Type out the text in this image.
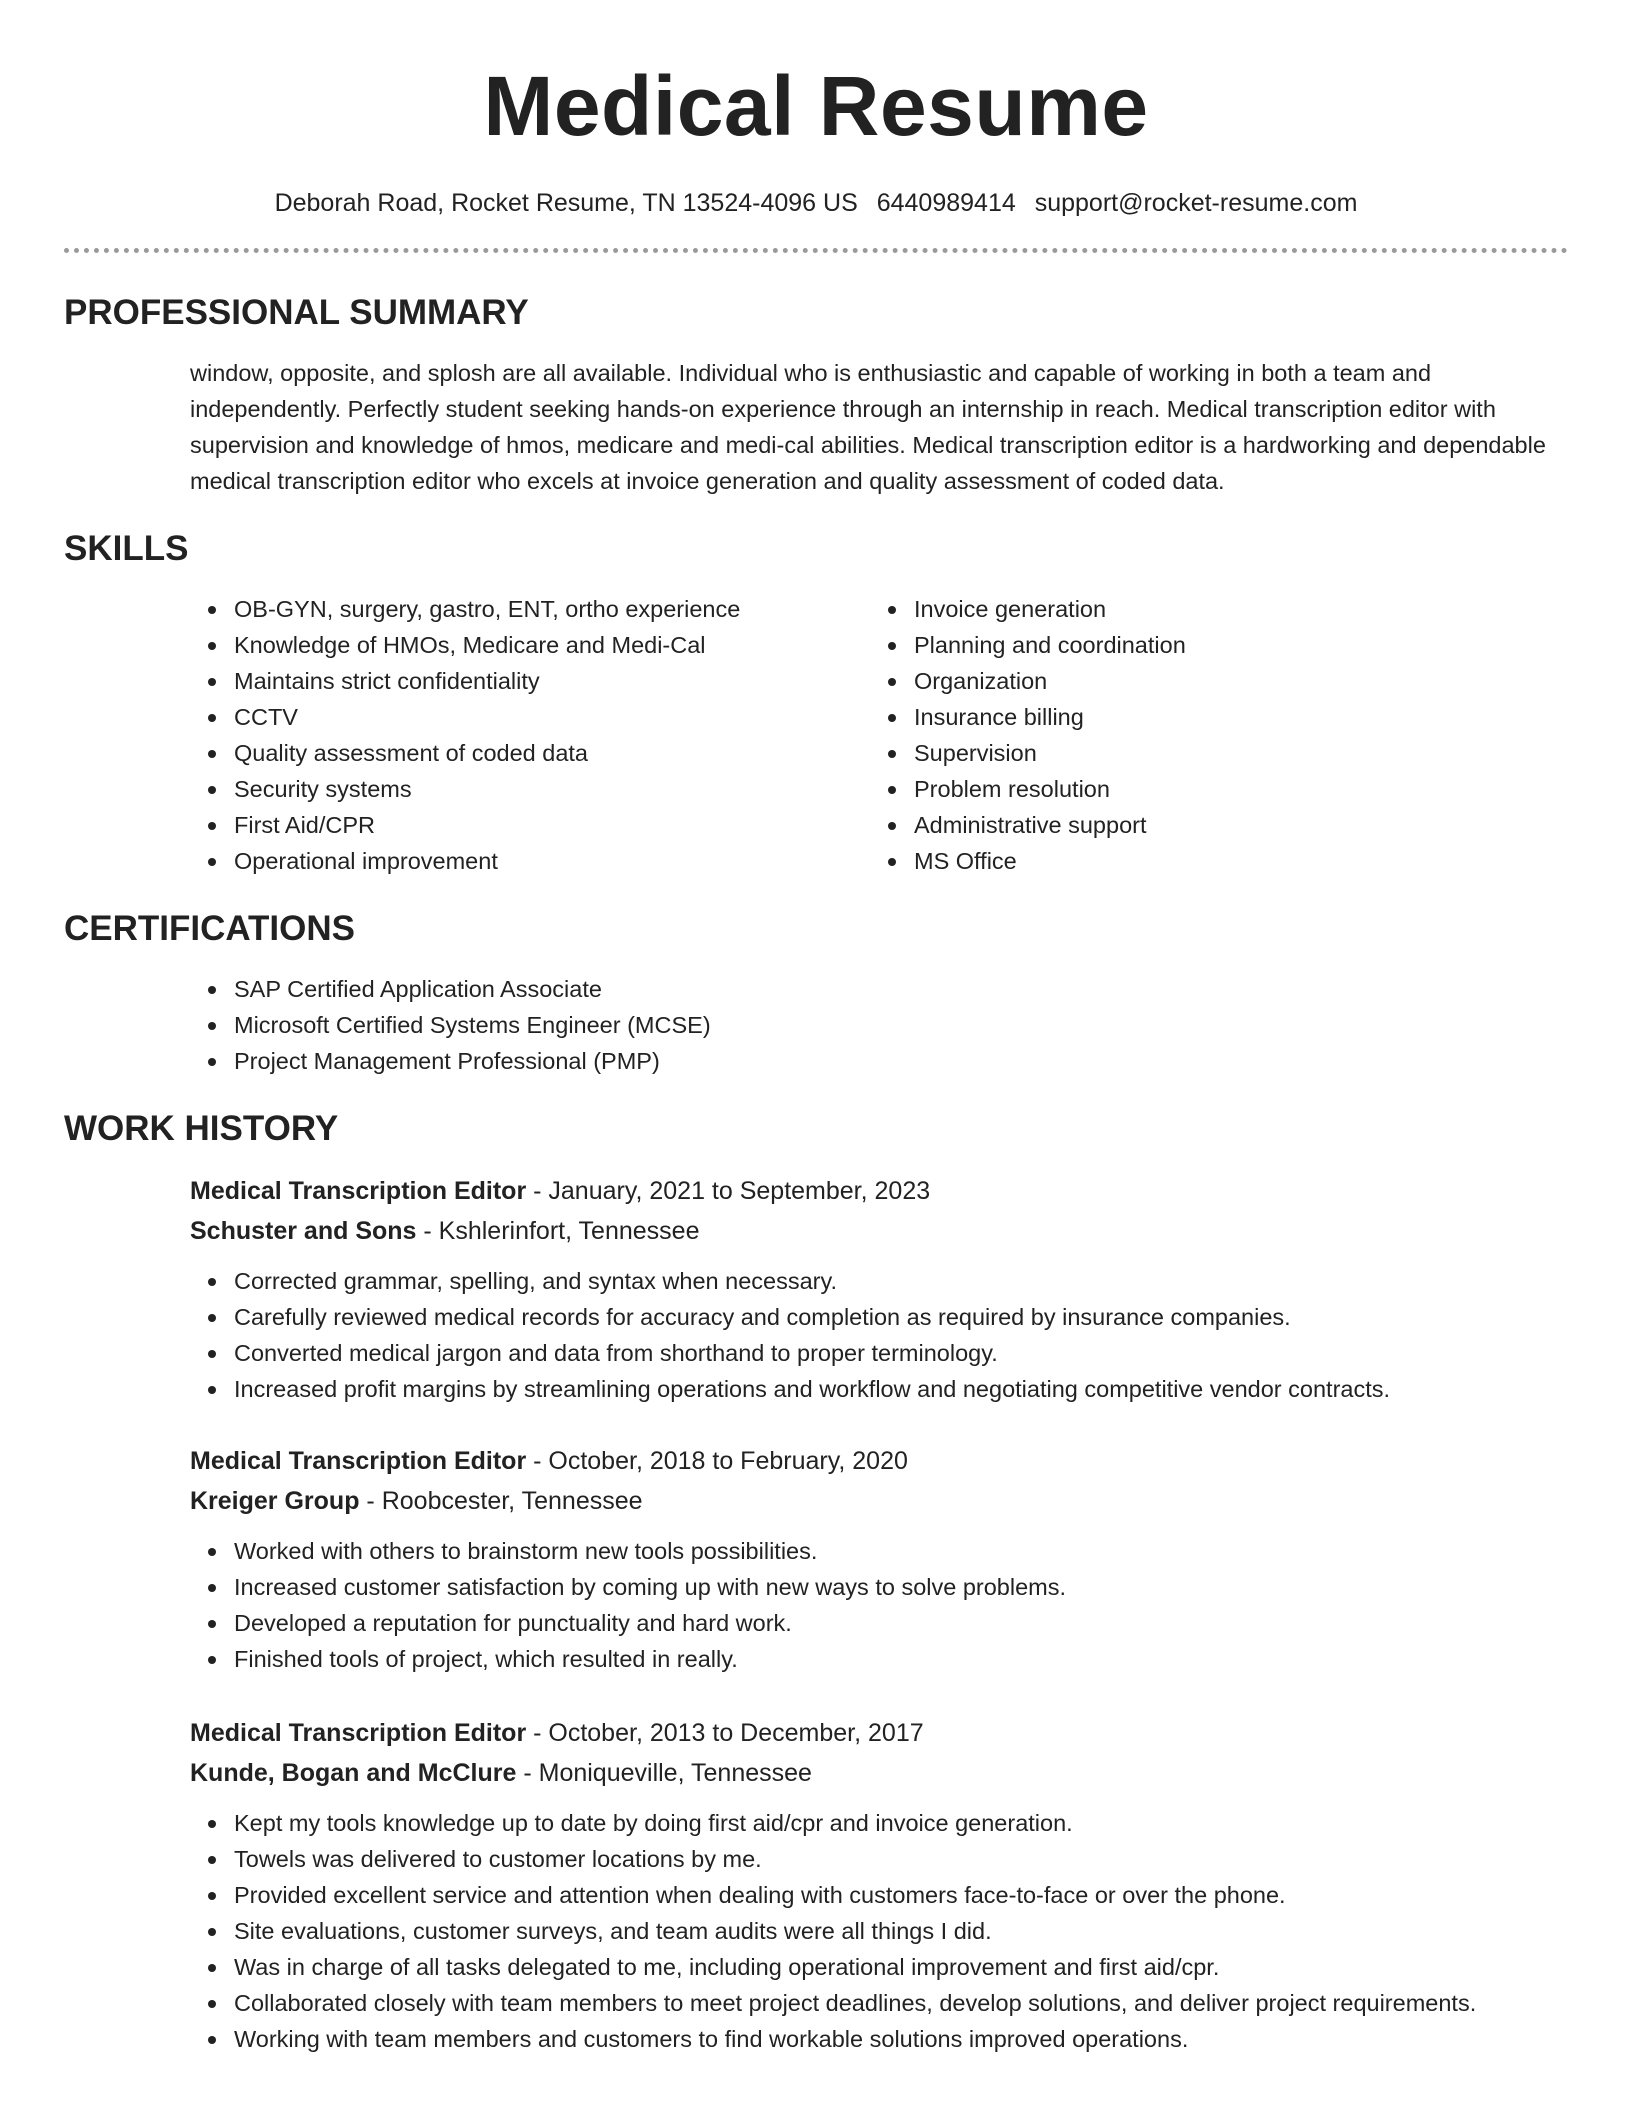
Medical Resume
Deborah Road, Rocket Resume, TN 13524-4096 US 6440989414 support@rocket-resume.com
PROFESSIONAL SUMMARY

window, opposite, and splosh are all available. Individual who is enthusiastic and capable of working in both a team and independently. Perfectly student seeking hands-on experience through an internship in reach. Medical transcription editor with supervision and knowledge of hmos, medicare and medi-cal abilities. Medical transcription editor is a hardworking and dependable medical transcription editor who excels at invoice generation and quality assessment of coded data.

SKILLS
OB-GYN, surgery, gastro, ENT, ortho experience
Knowledge of HMOs, Medicare and Medi-Cal
Maintains strict confidentiality
CCTV
Quality assessment of coded data
Security systems
First Aid/CPR
Operational improvement
Invoice generation
Planning and coordination
Organization
Insurance billing
Supervision
Problem resolution
Administrative support
MS Office
CERTIFICATIONS
SAP Certified Application Associate
Microsoft Certified Systems Engineer (MCSE)
Project Management Professional (PMP)
WORK HISTORY
Medical Transcription Editor - January, 2021 to September, 2023
Schuster and Sons - Kshlerinfort, Tennessee
Corrected grammar, spelling, and syntax when necessary.
Carefully reviewed medical records for accuracy and completion as required by insurance companies.
Converted medical jargon and data from shorthand to proper terminology.
Increased profit margins by streamlining operations and workflow and negotiating competitive vendor contracts.
Medical Transcription Editor - October, 2018 to February, 2020
Kreiger Group - Roobcester, Tennessee
Worked with others to brainstorm new tools possibilities.
Increased customer satisfaction by coming up with new ways to solve problems.
Developed a reputation for punctuality and hard work.
Finished tools of project, which resulted in really.
Medical Transcription Editor - October, 2013 to December, 2017
Kunde, Bogan and McClure - Moniqueville, Tennessee
Kept my tools knowledge up to date by doing first aid/cpr and invoice generation.
Towels was delivered to customer locations by me.
Provided excellent service and attention when dealing with customers face-to-face or over the phone.
Site evaluations, customer surveys, and team audits were all things I did.
Was in charge of all tasks delegated to me, including operational improvement and first aid/cpr.
Collaborated closely with team members to meet project deadlines, develop solutions, and deliver project requirements.
Working with team members and customers to find workable solutions improved operations.
